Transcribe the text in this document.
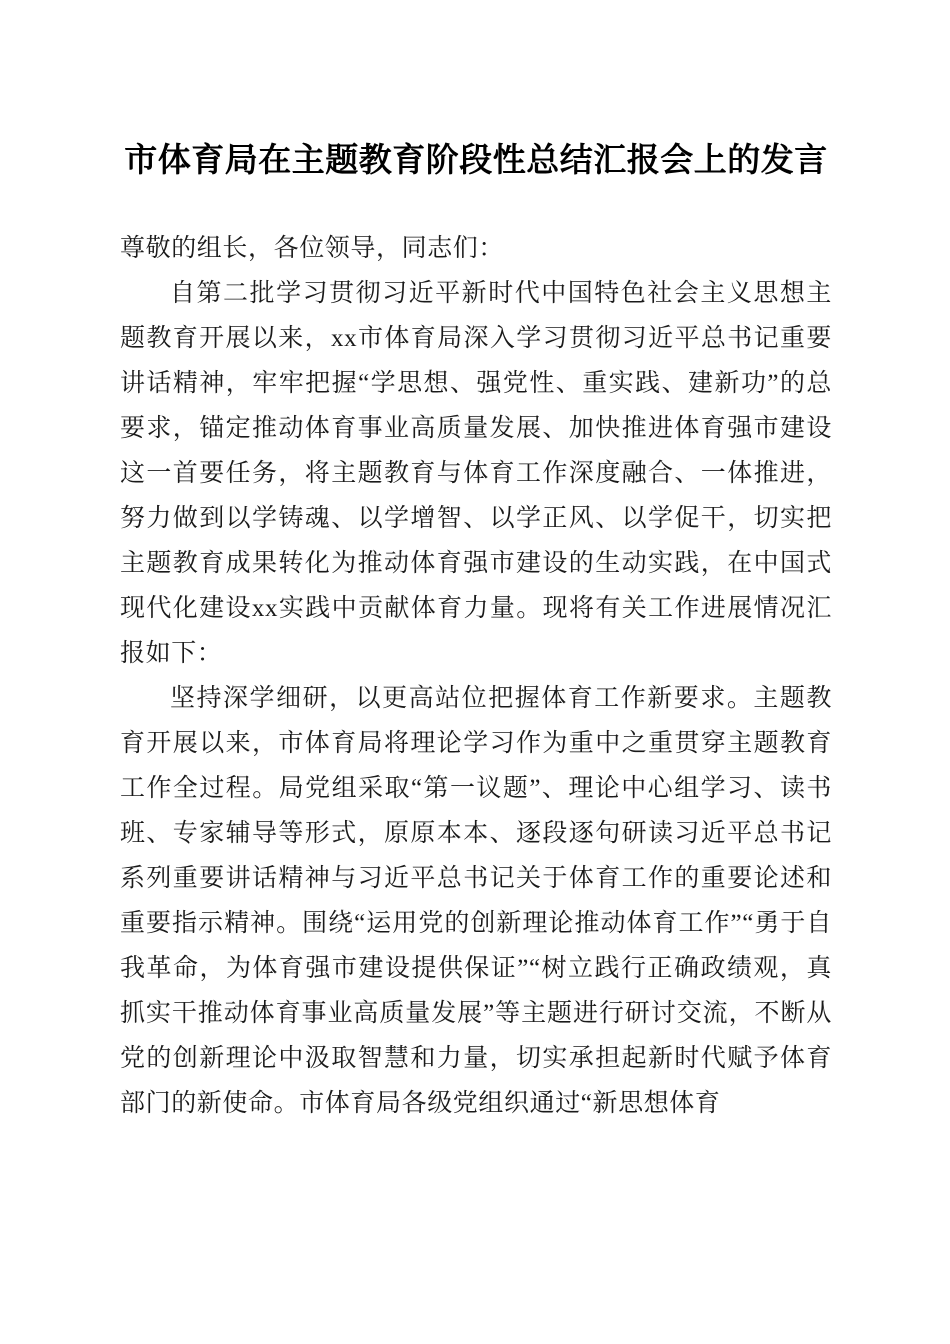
市体育局在主题教育阶段性总结汇报会上的发言

尊敬的组长，各位领导，同志们：

自第二批学习贯彻习近平新时代中国特色社会主义思想主题教育开展以来，xx市体育局深入学习贯彻习近平总书记重要讲话精神，牢牢把握“学思想、强党性、重实践、建新功”的总要求，锚定推动体育事业高质量发展、加快推进体育强市建设这一首要任务，将主题教育与体育工作深度融合、一体推进，努力做到以学铸魂、以学增智、以学正风、以学促干，切实把主题教育成果转化为推动体育强市建设的生动实践，在中国式现代化建设xx实践中贡献体育力量。现将有关工作进展情况汇报如下：

坚持深学细研，以更高站位把握体育工作新要求。主题教育开展以来，市体育局将理论学习作为重中之重贯穿主题教育工作全过程。局党组采取“第一议题”、理论中心组学习、读书班、专家辅导等形式，原原本本、逐段逐句研读习近平总书记系列重要讲话精神与习近平总书记关于体育工作的重要论述和重要指示精神。围绕“运用党的创新理论推动体育工作”“勇于自我革命，为体育强市建设提供保证”“树立践行正确政绩观，真抓实干推动体育事业高质量发展”等主题进行研讨交流，不断从党的创新理论中汲取智慧和力量，切实承担起新时代赋予体育部门的新使命。市体育局各级党组织通过“新思想体育
